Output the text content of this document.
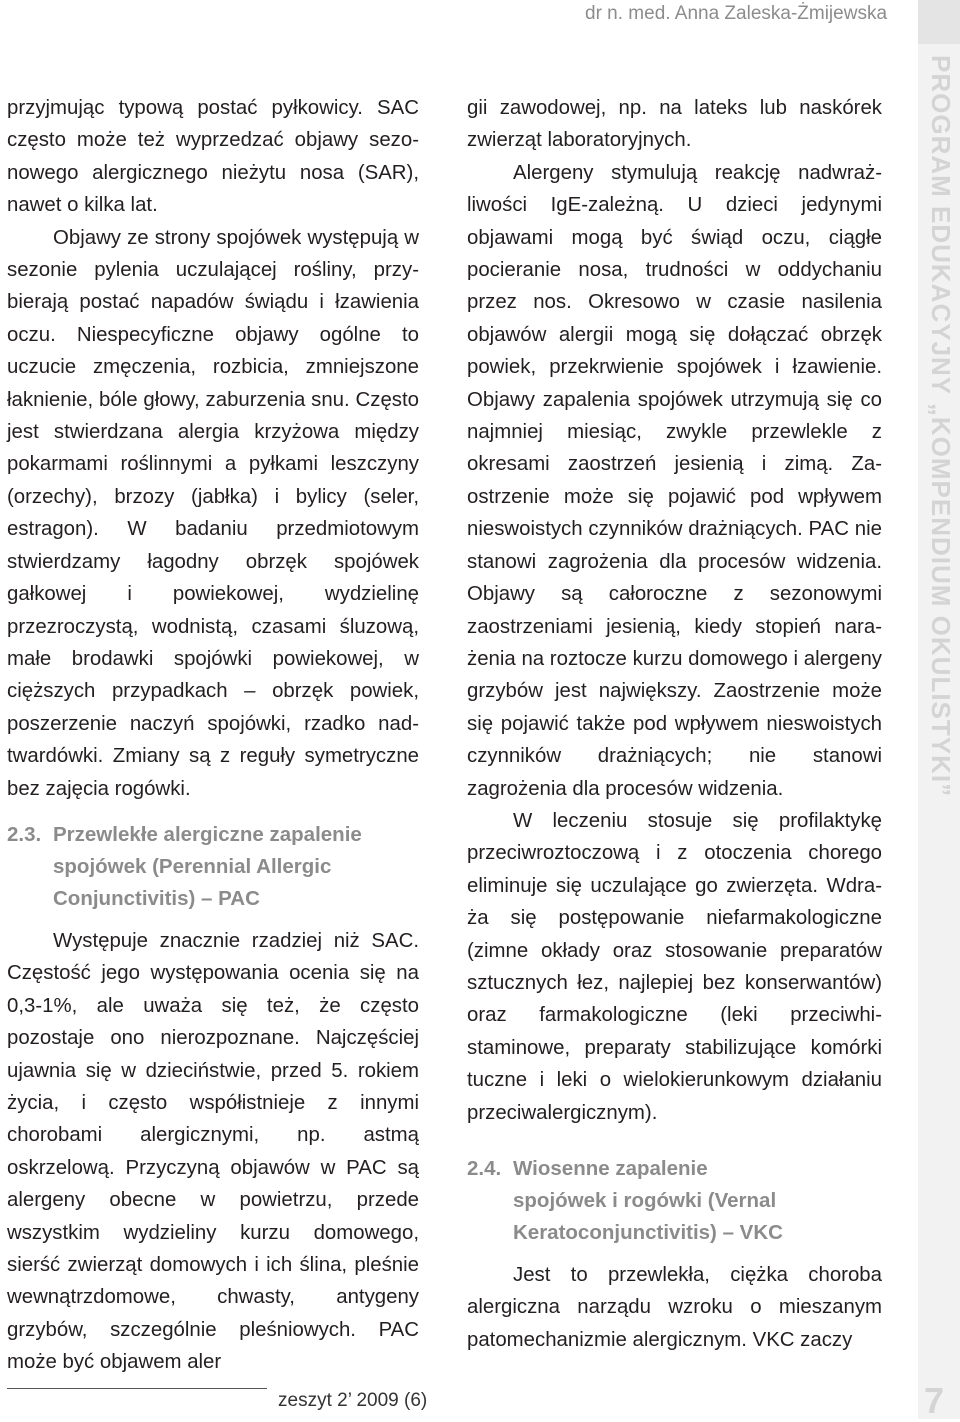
PROGRAM EDUKACYJNY „KOMPENDIUM OKULISTYKI”
dr n. med. Anna Zaleska-Żmijewska

przyjmując typową postać pyłkowicy. SAC często może też wyprzedzać objawy sezonowego alergicznego nieżytu nosa (SAR), nawet o kilka lat.

Objawy ze strony spojówek występują w sezonie pylenia uczulającej rośliny, przybierają postać napadów świądu i łzawienia oczu. Niespecyficzne objawy ogólne to uczucie zmęczenia, rozbicia, zmniejszone łaknienie, bóle głowy, zaburzenia snu. Często jest stwierdzana alergia krzyżowa między pokarmami roślinnymi a pyłkami leszczyny (orzechy), brzozy (jabłka) i bylicy (seler, estragon). W badaniu przedmiotowym stwierdzamy łagodny obrzęk spojówek gałkowej i powiekowej, wydzielinę przezroczystą, wodnistą, czasami śluzową, małe brodawki spojówki powiekowej, w cięższych przypadkach – obrzęk powiek, poszerzenie naczyń spojówki, rzadko nadtwardówki. Zmiany są z reguły symetryczne bez zajęcia rogówki.

2.3. Przewlekłe alergiczne zapalenie
spojówek (Perennial Allergic
Conjunctivitis) – PAC

Występuje znacznie rzadziej niż SAC. Częstość jego występowania ocenia się na 0,3-1%, ale uważa się też, że często pozostaje ono nierozpoznane. Najczęściej ujawnia się w dzieciństwie, przed 5. rokiem życia, i często współistnieje z innymi chorobami alergicznymi, np. astmą oskrzelową. Przyczyną objawów w PAC są alergeny obecne w powietrzu, przede wszystkim wydzieliny kurzu domowego, sierść zwierząt domowych i ich ślina, pleśnie wewnątrzdomowe, chwasty, antygeny grzybów, szczególnie pleśniowych. PAC może być objawem aler

gii zawodowej, np. na lateks lub naskórek zwierząt laboratoryjnych.

Alergeny stymulują reakcję nadwrażliwości IgE-zależną. U dzieci jedynymi objawami mogą być świąd oczu, ciągłe pocieranie nosa, trudności w oddychaniu przez nos. Okresowo w czasie nasilenia objawów alergii mogą się dołączać obrzęk powiek, przekrwienie spojówek i łzawienie. Objawy zapalenia spojówek utrzymują się co najmniej miesiąc, zwykle przewlekle z okresami zaostrzeń jesienią i zimą. Zaostrzenie może się pojawić pod wpływem nieswoistych czynników drażniących. PAC nie stanowi zagrożenia dla procesów widzenia. Objawy są całoroczne z sezonowymi zaostrzeniami jesienią, kiedy stopień narażenia na roztocze kurzu domowego i alergeny grzybów jest największy. Zaostrzenie może się pojawić także pod wpływem nieswoistych czynników drażniących; nie stanowi zagrożenia dla procesów widzenia.

W leczeniu stosuje się profilaktykę przeciwroztoczową i z otoczenia chorego eliminuje się uczulające go zwierzęta. Wdraża się postępowanie niefarmakologiczne (zimne okłady oraz stosowanie preparatów sztucznych łez, najlepiej bez konserwantów) oraz farmakologiczne (leki przeciwhistaminowe, preparaty stabilizujące komórki tuczne i leki o wielokierunkowym działaniu przeciwalergicznym).

2.4. Wiosenne zapalenie
spojówek i rogówki (Vernal
Keratoconjunctivitis) – VKC

Jest to przewlekła, ciężka choroba alergiczna narządu wzroku o mieszanym patomechanizmie alergicznym. VKC zaczy

zeszyt 2’ 2009 (6)	7
